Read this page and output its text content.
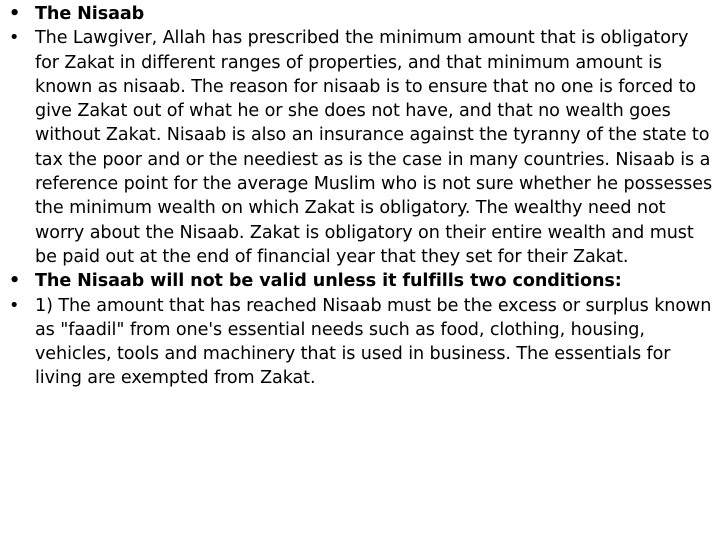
• The Nisaab
• The Lawgiver, Allah has prescribed the minimum amount that is obligatory for Zakat in different ranges of properties, and that minimum amount is known as nisaab. The reason for nisaab is to ensure that no one is forced to give Zakat out of what he or she does not have, and that no wealth goes without Zakat. Nisaab is also an insurance against the tyranny of the state to tax the poor and or the neediest as is the case in many countries. Nisaab is a reference point for the average Muslim who is not sure whether he possesses the minimum wealth on which Zakat is obligatory. The wealthy need not worry about the Nisaab. Zakat is obligatory on their entire wealth and must be paid out at the end of financial year that they set for their Zakat.
• The Nisaab will not be valid unless it fulfills two conditions:
• 1) The amount that has reached Nisaab must be the excess or surplus known as "faadil" from one's essential needs such as food, clothing, housing, vehicles, tools and machinery that is used in business. The essentials for living are exempted from Zakat.
